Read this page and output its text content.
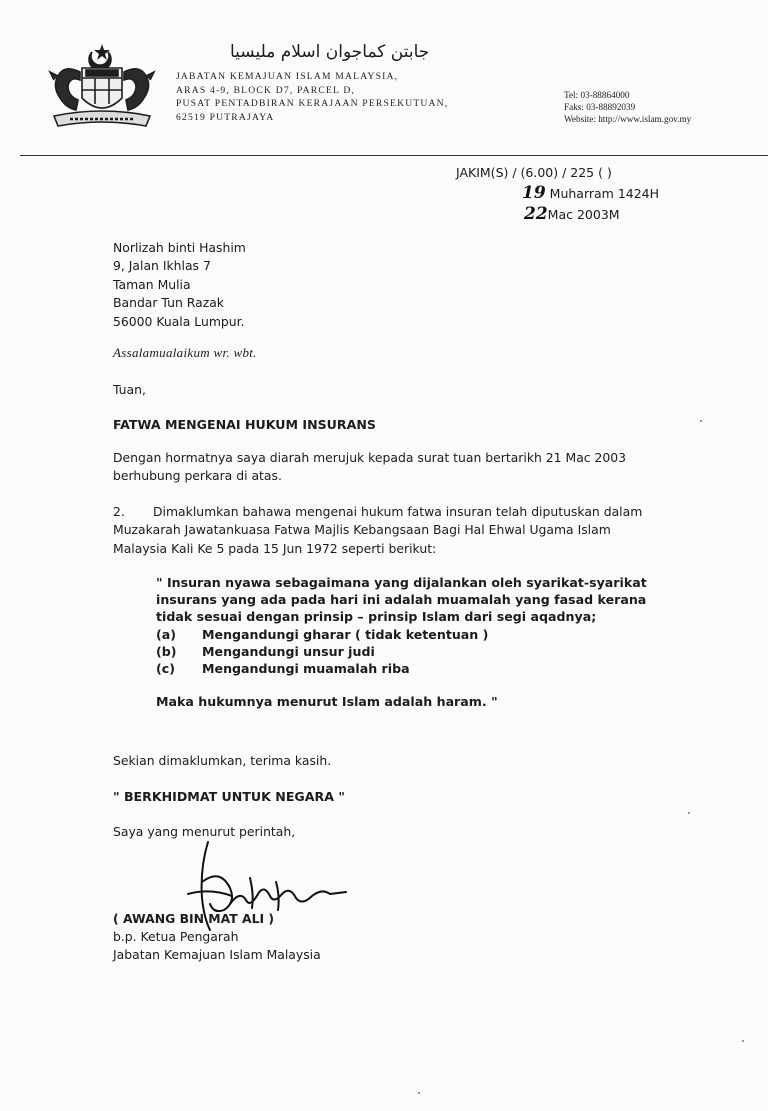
جابتن كماجوان اسلام مليسيا
JABATAN KEMAJUAN ISLAM MALAYSIA,
ARAS 4-9, BLOCK D7, PARCEL D,
PUSAT PENTADBIRAN KERAJAAN PERSEKUTUAN,
62519 PUTRAJAYA
Tel: 03-88864000
Faks: 03-88892039
Website: http://www.islam.gov.my
JAKIM(S) / (6.00) / 225 ( )
19 Muharram 1424H
22Mac 2003M
Norlizah binti Hashim
9, Jalan Ikhlas 7
Taman Mulia
Bandar Tun Razak
56000 Kuala Lumpur.
Assalamualaikum wr. wbt.
Tuan,
FATWA MENGENAI HUKUM INSURANS
Dengan hormatnya saya diarah merujuk kepada surat tuan bertarikh 21 Mac 2003 berhubung perkara di atas.
2. Dimaklumkan bahawa mengenai hukum fatwa insuran telah diputuskan dalam Muzakarah Jawatankuasa Fatwa Majlis Kebangsaan Bagi Hal Ehwal Ugama Islam Malaysia Kali Ke 5 pada 15 Jun 1972 seperti berikut:
" Insuran nyawa sebagaimana yang dijalankan oleh syarikat-syarikat insurans yang ada pada hari ini adalah muamalah yang fasad kerana tidak sesuai dengan prinsip – prinsip Islam dari segi aqadnya;
(a)	Mengandungi gharar ( tidak ketentuan )
(b)	Mengandungi unsur judi
(c)	Mengandungi muamalah riba
Maka hukumnya menurut Islam adalah haram. "
Sekian dimaklumkan, terima kasih.
" BERKHIDMAT UNTUK NEGARA "
Saya yang menurut perintah,
( AWANG BIN MAT ALI )
b.p. Ketua Pengarah
Jabatan Kemajuan Islam Malaysia
